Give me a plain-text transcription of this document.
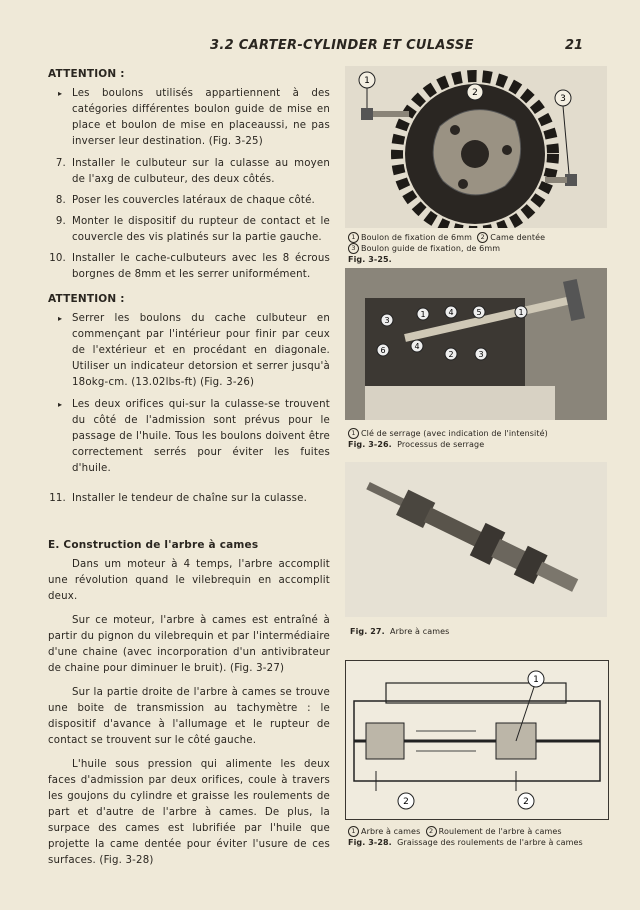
3.2 CARTER-CYLINDER ET CULASSE	21
ATTENTION :
▸ Les boulons utilisés appartiennent à des catégories différentes boulon guide de mise en place et boulon de mise en placeaussi, ne pas inverser leur destination. (Fig. 3-25)
7. Installer le culbuteur sur la culasse au moyen de l'axg de culbuteur, des deux côtés.
8. Poser les couvercles latéraux de chaque côté.
9. Monter le dispositif du rupteur de contact et le couvercle des vis platinés sur la partie gauche.
10. Installer le cache-culbuteurs avec les 8 écrous borgnes de 8mm et les serrer uniformément.
ATTENTION :
▸ Serrer les boulons du cache culbuteur en commençant par l'intérieur pour finir par ceux de l'extérieur et en procédant en diagonale. Utiliser un indicateur detorsion et serrer jusqu'à 18okg-cm. (13.02lbs-ft) (Fig. 3-26)
▸ Les deux orifices qui-sur la culasse-se trouvent du côté de l'admission sont prévus pour le passage de l'huile. Tous les boulons doivent être correctement serrés pour éviter les fuites d'huile.
11. Installer le tendeur de chaîne sur la culasse.
E. Construction de l'arbre à cames
Dans um moteur à 4 temps, l'arbre accomplit une révolution quand le vilebrequin en accomplit deux.
Sur ce moteur, l'arbre à cames est entraîné à partir du pignon du vilebrequin et par l'intermédiaire d'une chaine (avec incorporation d'un antivibrateur de chaine pour diminuer le bruit). (Fig. 3-27)
Sur la partie droite de l'arbre à cames se trouve une boite de transmission au tachymètre : le dispositif d'avance à l'allumage et le rupteur de contact se trouvent sur le côté gauche.
L'huile sous pression qui alimente les deux faces d'admission par deux orifices, coule à travers les goujons du cylindre et graisse les roulements de part et d'autre de l'arbre à cames. De plus, la surpace des cames est lubrifiée par l'huile que projette la came dentée pour éviter l'usure de ces surfaces. (Fig. 3-28)
1
2
3
1 Boulon de fixation de 6mm 2 Came dentée
3 Boulon guide de fixation, de 6mm
Fig. 3-25.
3
1	4	5	1
6	4
2	3
1 Clé de serrage (avec indication de l'intensité)
Fig. 3-26. Processus de serrage
Fig. 27. Arbre à cames
1
2	2
1 Arbre à cames 2 Roulement de l'arbre à cames
Fig. 3-28. Graissage des roulements de l'arbre à cames
